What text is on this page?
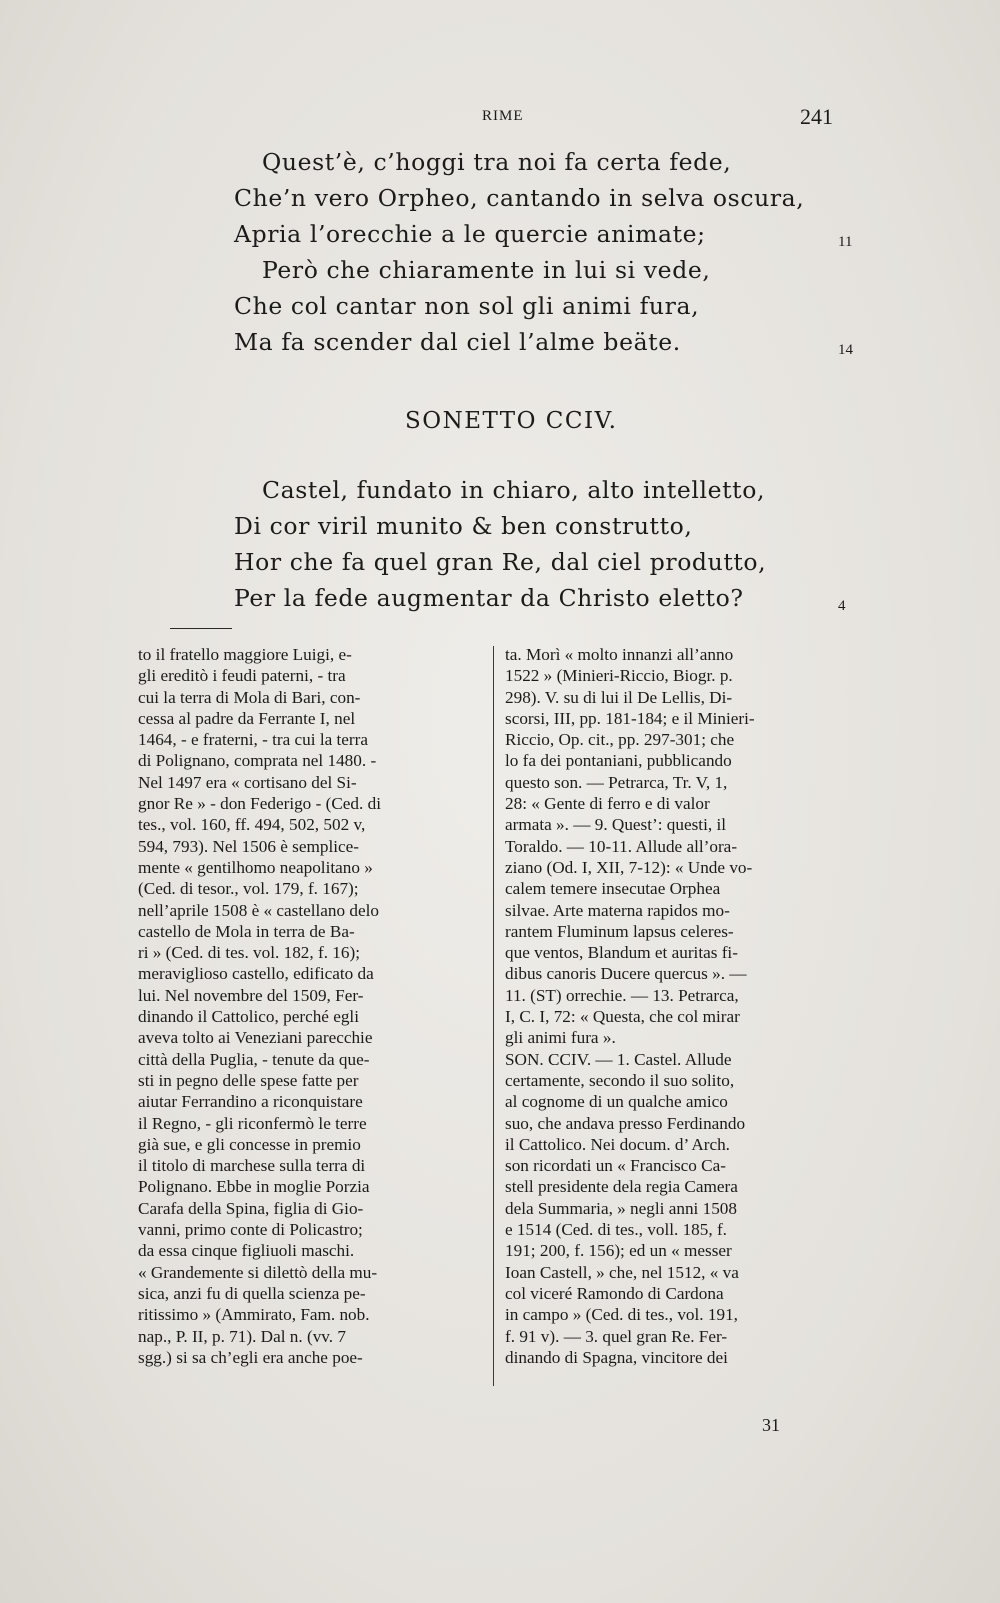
RIME	241
Quest’è, c’hoggi tra noi fa certa fede,
Che’n vero Orpheo, cantando in selva oscura,
Apria l’orecchie a le quercie animate;	11
Però che chiaramente in lui si vede,
Che col cantar non sol gli animi fura,
Ma fa scender dal ciel l’alme beäte.	14
SONETTO CCIV.
Castel, fundato in chiaro, alto intelletto,
Di cor viril munito & ben construtto,
Hor che fa quel gran Re, dal ciel produtto,
Per la fede augmentar da Christo eletto?	4
to il fratello maggiore Luigi, e-
gli ereditò i feudi paterni, - tra
cui la terra di Mola di Bari, con-
cessa al padre da Ferrante I, nel
1464, - e fraterni, - tra cui la terra
di Polignano, comprata nel 1480. -
Nel 1497 era « cortisano del Si-
gnor Re » - don Federigo - (Ced. di
tes., vol. 160, ff. 494, 502, 502 v,
594, 793). Nel 1506 è semplice-
mente « gentilhomo neapolitano »
(Ced. di tesor., vol. 179, f. 167);
nell’aprile 1508 è « castellano delo
castello de Mola in terra de Ba-
ri » (Ced. di tes. vol. 182, f. 16);
meraviglioso castello, edificato da
lui. Nel novembre del 1509, Fer-
dinando il Cattolico, perché egli
aveva tolto ai Veneziani parecchie
città della Puglia, - tenute da que-
sti in pegno delle spese fatte per
aiutar Ferrandino a riconquistare
il Regno, - gli riconfermò le terre
già sue, e gli concesse in premio
il titolo di marchese sulla terra di
Polignano. Ebbe in moglie Porzia
Carafa della Spina, figlia di Gio-
vanni, primo conte di Policastro;
da essa cinque figliuoli maschi.
« Grandemente si dilettò della mu-
sica, anzi fu di quella scienza pe-
ritissimo » (Ammirato, Fam. nob.
nap., P. II, p. 71). Dal n. (vv. 7
sgg.) si sa ch’egli era anche poe-
ta. Morì « molto innanzi all’anno
1522 » (Minieri-Riccio, Biogr. p.
298). V. su di lui il De Lellis, Di-
scorsi, III, pp. 181-184; e il Minieri-
Riccio, Op. cit., pp. 297-301; che
lo fa dei pontaniani, pubblicando
questo son. — Petrarca, Tr. V, 1,
28: « Gente di ferro e di valor
armata ». — 9. Quest’: questi, il
Toraldo. — 10-11. Allude all’ora-
ziano (Od. I, XII, 7-12): « Unde vo-
calem temere insecutae Orphea
silvae. Arte materna rapidos mo-
rantem Fluminum lapsus celeres-
que ventos, Blandum et auritas fi-
dibus canoris Ducere quercus ». —
11. (ST) orrechie. — 13. Petrarca,
I, C. I, 72: « Questa, che col mirar
gli animi fura ».
SON. CCIV. — 1. Castel. Allude
certamente, secondo il suo solito,
al cognome di un qualche amico
suo, che andava presso Ferdinando
il Cattolico. Nei docum. d’ Arch.
son ricordati un « Francisco Ca-
stell presidente dela regia Camera
dela Summaria, » negli anni 1508
e 1514 (Ced. di tes., voll. 185, f.
191; 200, f. 156); ed un « messer
Ioan Castell, » che, nel 1512, « va
col viceré Ramondo di Cardona
in campo » (Ced. di tes., vol. 191,
f. 91 v). — 3. quel gran Re. Fer-
dinando di Spagna, vincitore dei
31
